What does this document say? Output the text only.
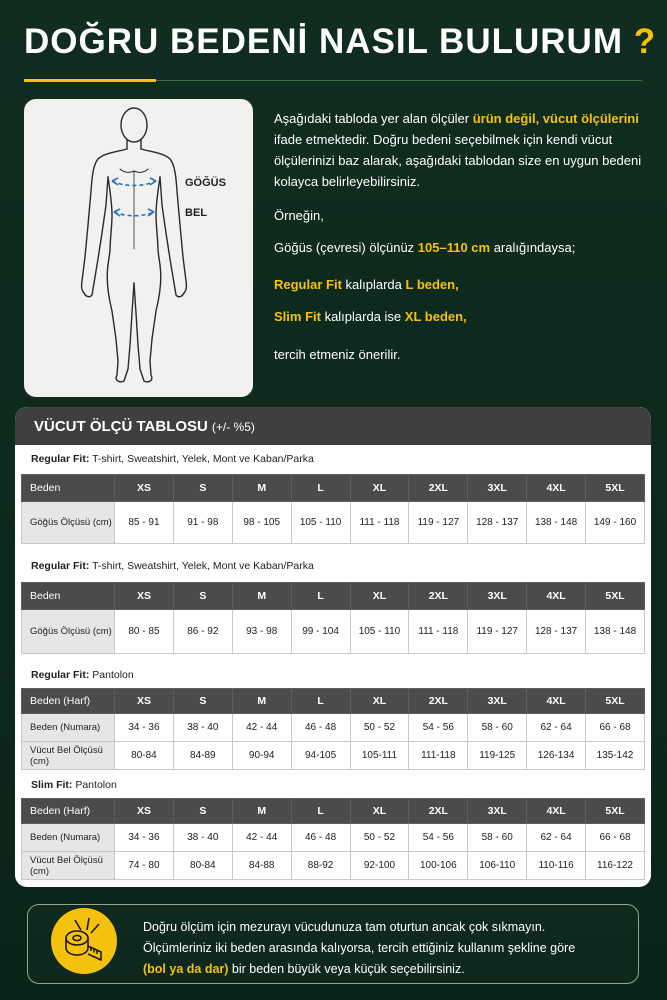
DOĞRU BEDENİ NASIL BULURUM ?
GÖĞÜS
BEL
Aşağıdaki tabloda yer alan ölçüler ürün değil, vücut ölçülerini ifade etmektedir. Doğru bedeni seçebilmek için kendi vücut ölçülerinizi baz alarak, aşağıdaki tablodan size en uygun bedeni kolayca belirleyebilirsiniz.
Örneğin,
Göğüs (çevresi) ölçünüz 105–110 cm aralığındaysa;
Regular Fit kalıplarda L beden,
Slim Fit kalıplarda ise XL beden,
tercih etmeniz önerilir.
VÜCUT ÖLÇÜ TABLOSU (+/- %5)
Regular Fit: T-shirt, Sweatshirt, Yelek, Mont ve Kaban/Parka
Beden	XS	S	M	L	XL	2XL	3XL	4XL	5XL
Göğüs Ölçüsü (cm)	85 - 91	91 - 98	98 - 105	105 - 110	111 - 118	119 - 127	128 - 137	138 - 148	149 - 160
Regular Fit: T-shirt, Sweatshirt, Yelek, Mont ve Kaban/Parka
Beden	XS	S	M	L	XL	2XL	3XL	4XL	5XL
Göğüs Ölçüsü (cm)	80 - 85	86 - 92	93 - 98	99 - 104	105 - 110	111 - 118	119 - 127	128 - 137	138 - 148
Regular Fit: Pantolon
Beden (Harf)	XS	S	M	L	XL	2XL	3XL	4XL	5XL
Beden (Numara)	34 - 36	38 - 40	42 - 44	46 - 48	50 - 52	54 - 56	58 - 60	62 - 64	66 - 68
Vücut Bel Ölçüsü (cm)	80-84	84-89	90-94	94-105	105-111	111-118	119-125	126-134	135-142
Slim Fit: Pantolon
Beden (Harf)	XS	S	M	L	XL	2XL	3XL	4XL	5XL
Beden (Numara)	34 - 36	38 - 40	42 - 44	46 - 48	50 - 52	54 - 56	58 - 60	62 - 64	66 - 68
Vücut Bel Ölçüsü (cm)	74 - 80	80-84	84-88	88-92	92-100	100-106	106-110	110-116	116-122
Doğru ölçüm için mezurayı vücudunuza tam oturtun ancak çok sıkmayın.
Ölçümleriniz iki beden arasında kalıyorsa, tercih ettiğiniz kullanım şekline göre
(bol ya da dar) bir beden büyük veya küçük seçebilirsiniz.
